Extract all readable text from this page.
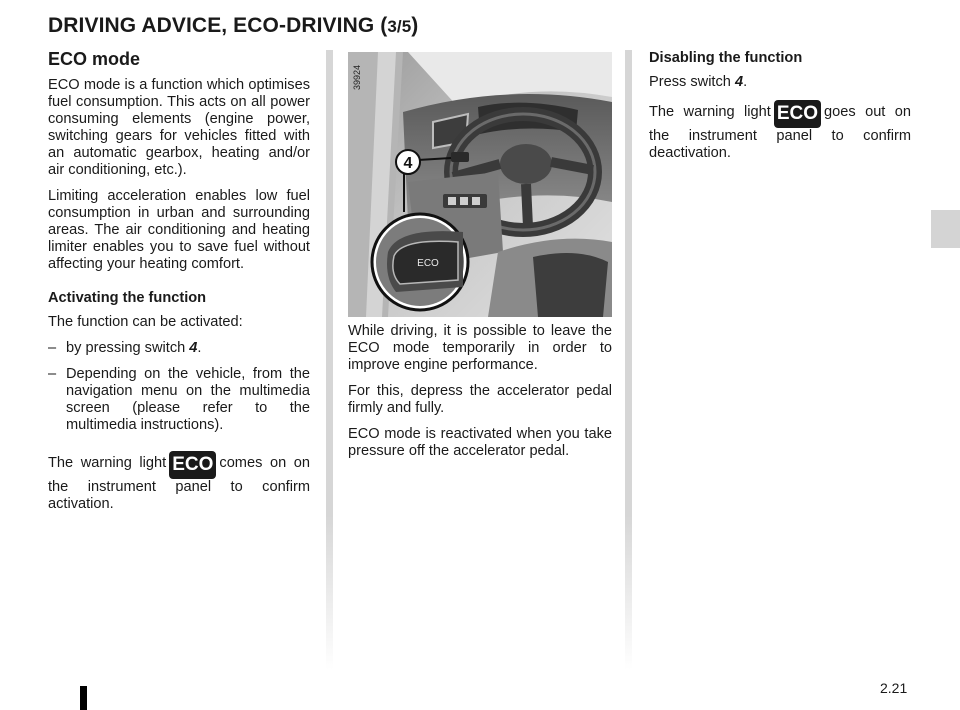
DRIVING ADVICE, ECO-DRIVING (3/5)
ECO mode

ECO mode is a function which optimises fuel consumption. This acts on all power consuming elements (engine power, switching gears for vehicles fitted with an automatic gearbox, heating and/or air conditioning, etc.).

Limiting acceleration enables low fuel consumption in urban and surrounding areas. The air conditioning and heating limiter enables you to save fuel without affecting your heating comfort.

Activating the function

The function can be activated:

– by pressing switch 4.
– Depending on the vehicle, from the navigation menu on the multimedia screen (please refer to the multimedia instructions).

The warning light ECO comes on on the instrument panel to confirm activation.

4
ECO
39924

While driving, it is possible to leave the ECO mode temporarily in order to improve engine performance.

For this, depress the accelerator pedal firmly and fully.

ECO mode is reactivated when you take pressure off the accelerator pedal.

Disabling the function

Press switch 4.

The warning light ECO goes out on the instrument panel to confirm deactivation.

2.21
